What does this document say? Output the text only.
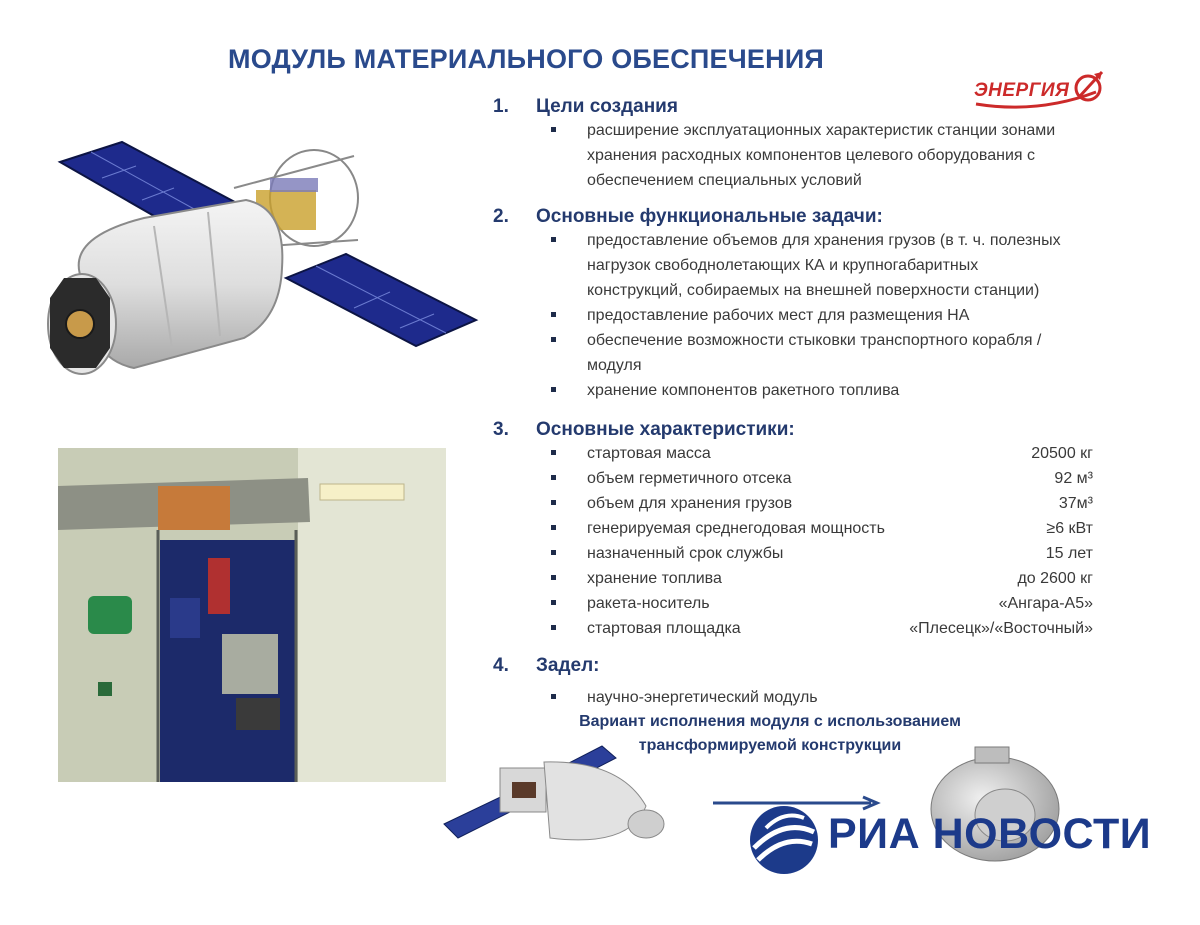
МОДУЛЬ МАТЕРИАЛЬНОГО ОБЕСПЕЧЕНИЯ
ЭНЕРГИЯ
1.	Цели создания
расширение эксплуатационных характеристик станции зонами
хранения расходных компонентов целевого оборудования с
обеспечением специальных условий
2.	Основные функциональные задачи:
предоставление объемов для хранения грузов (в т. ч. полезных
нагрузок свободнолетающих КА и крупногабаритных
конструкций, собираемых на внешней поверхности станции)
предоставление рабочих мест для размещения НА
обеспечение возможности стыковки транспортного корабля /
модуля
хранение компонентов ракетного топлива
3.	Основные характеристики:
стартовая масса	20500 кг
объем герметичного отсека	92 м³
объем для хранения грузов	37м³
генерируемая среднегодовая мощность	≥6 кВт
назначенный срок службы	15 лет
хранение топлива	до 2600 кг
ракета-носитель	«Ангара-А5»
стартовая площадка	«Плесецк»/«Восточный»
4.	Задел:
научно-энергетический модуль
Вариант исполнения модуля с использованием
трансформируемой конструкции
РИА НОВОСТИ
